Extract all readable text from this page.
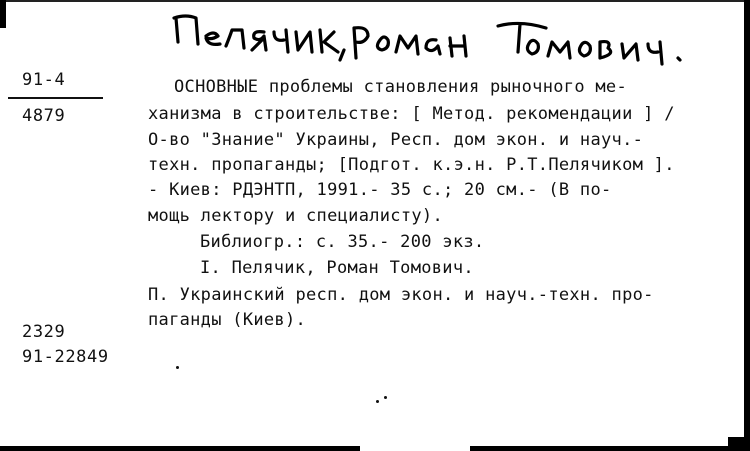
91-4
4879
ОСНОВНЫЕ проблемы становления рыночного ме-
ханизма в строительстве: [ Метод. рекомендации ] /
О-во "Знание" Украины, Респ. дом экон. и науч.-
техн. пропаганды; [Подгот. к.э.н. Р.Т.Пелячиком ].
- Киев: РДЭНТП, 1991.- 35 с.; 20 см.- (В по-
мощь лектору и специалисту).
Библиогр.: с. 35.- 200 экз.
I. Пелячик, Роман Томович.
П. Украинский респ. дом экон. и науч.-техн. про-
паганды (Киев).
2329
91-22849
